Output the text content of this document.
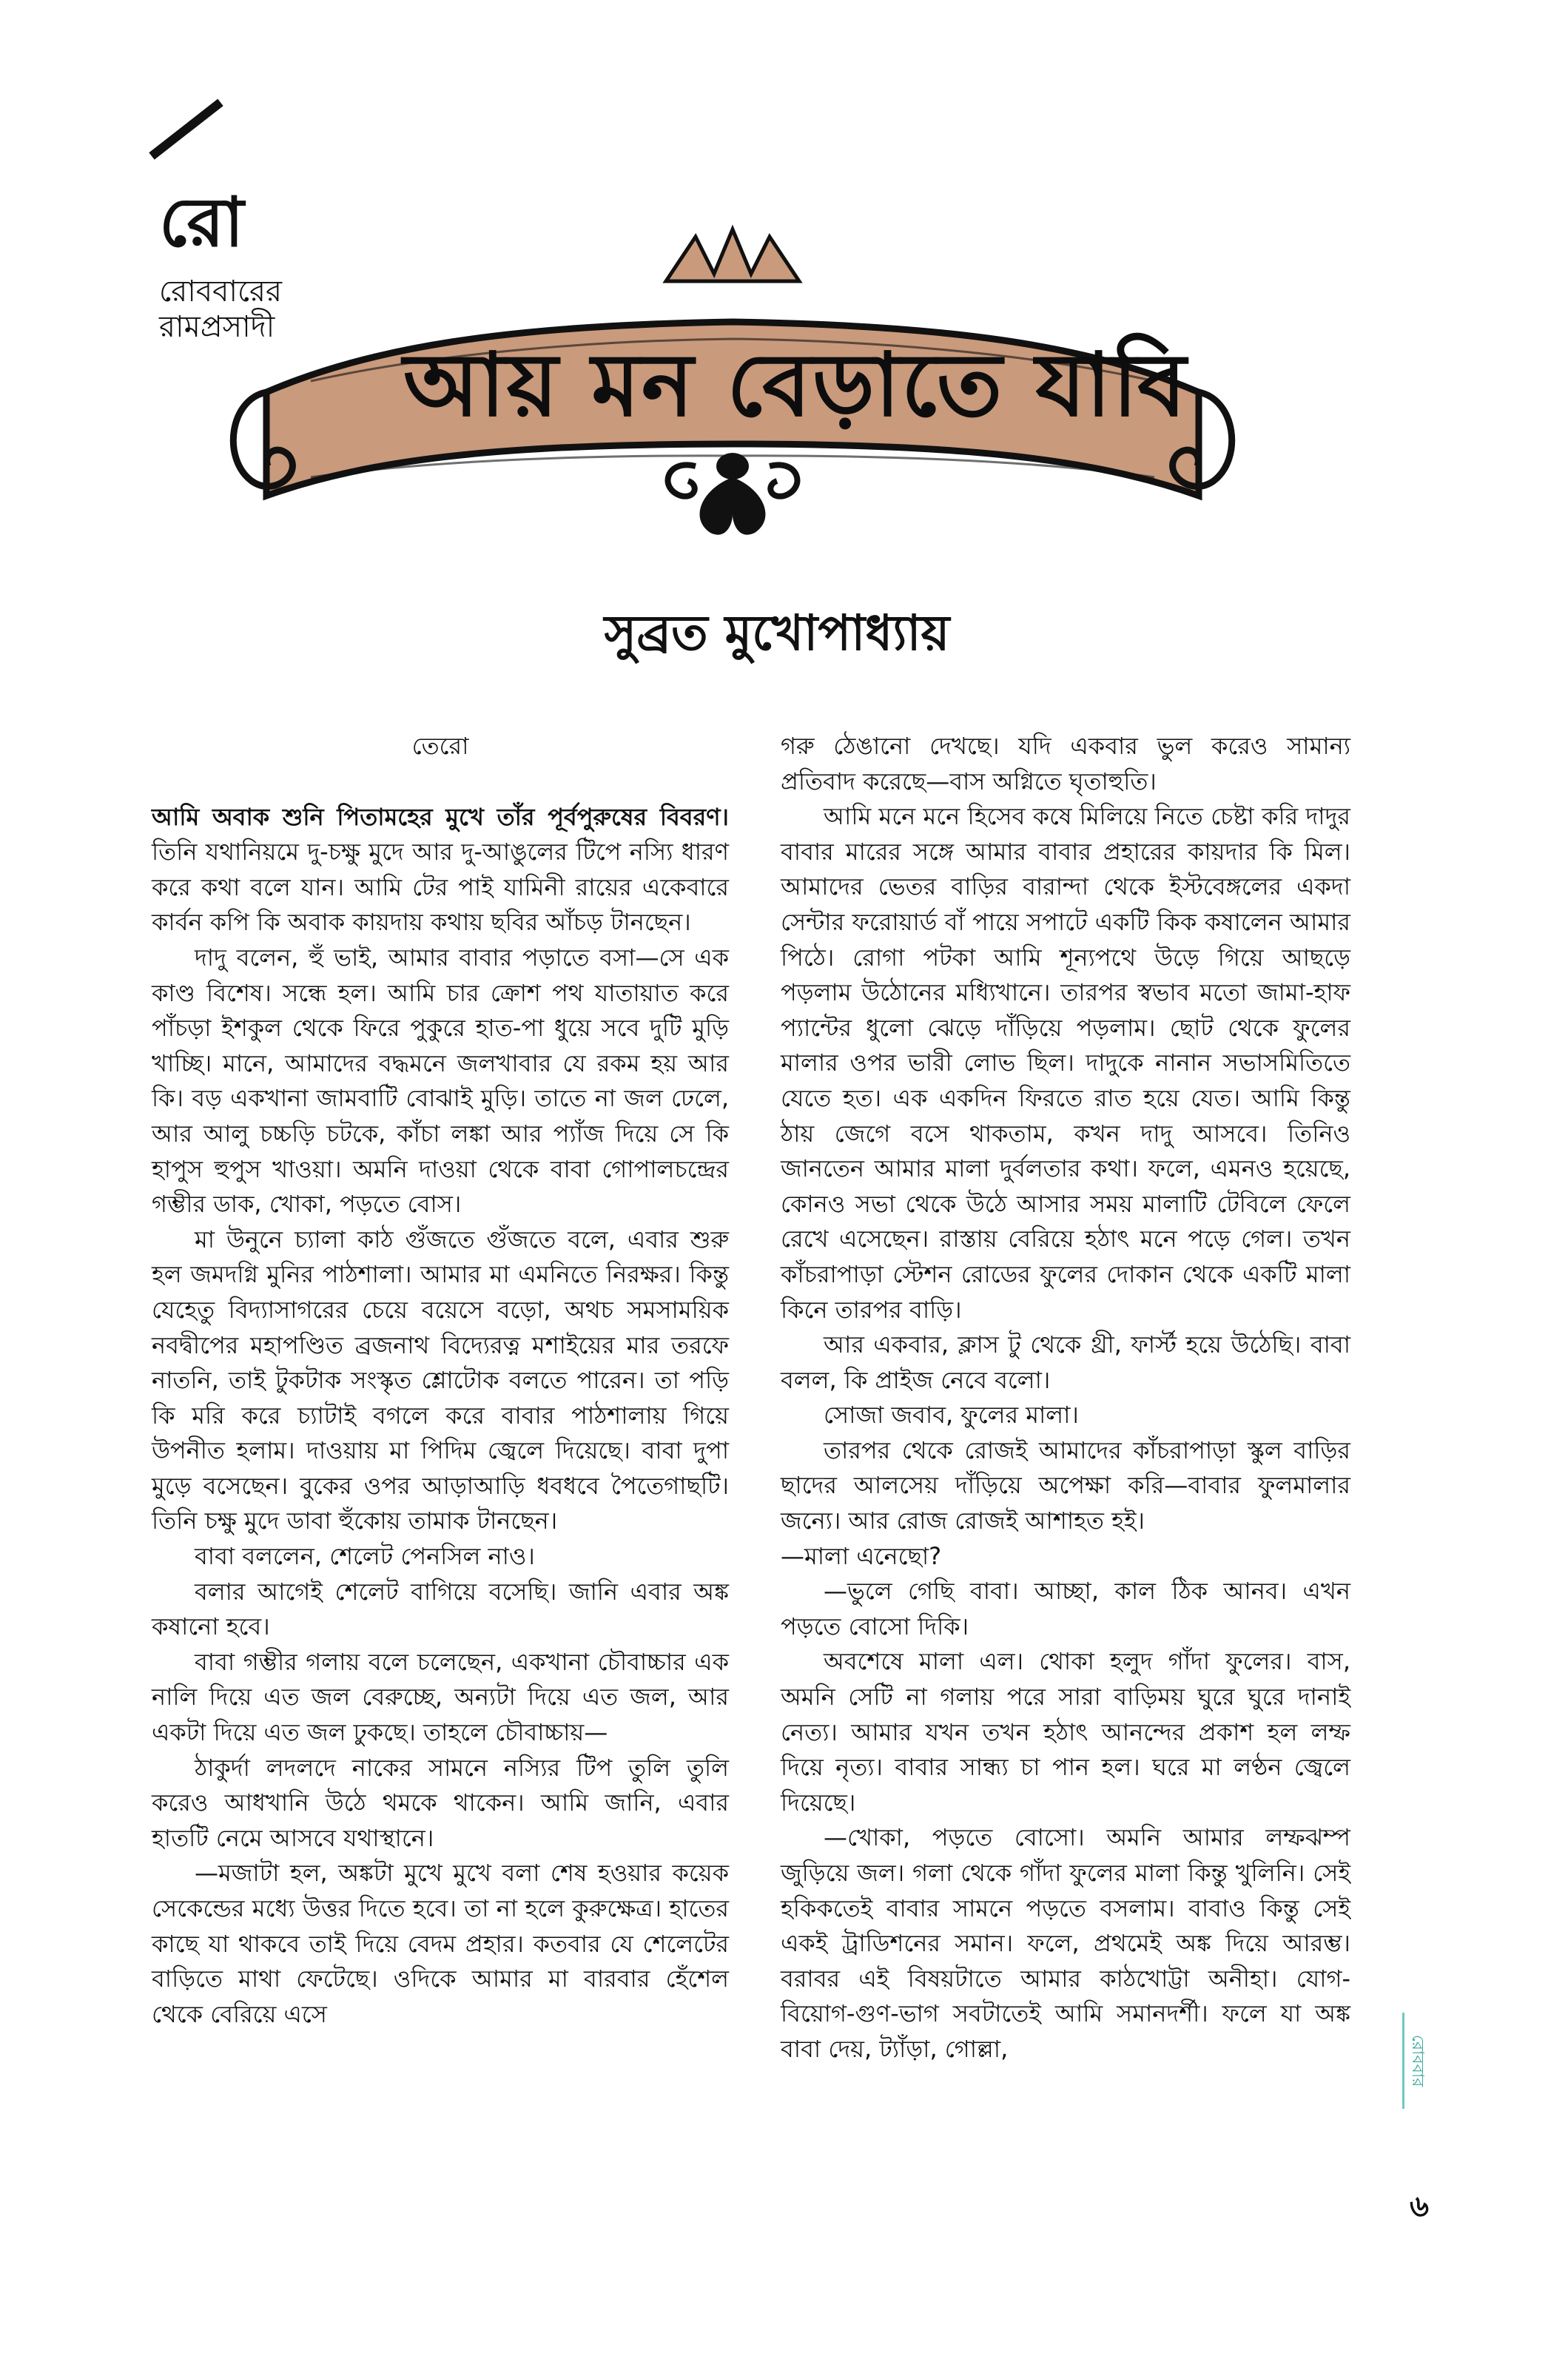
রো
রোববারের
রামপ্রসাদী
আয় মন বেড়াতে যাবি
সুব্রত মুখোপাধ্যায়

তেরো

আমি অবাক শুনি পিতামহের মুখে তাঁর পূর্বপুরুষের বিবরণ। তিনি যথানিয়মে দু-চক্ষু মুদে আর দু-আঙুলের টিপে নস্যি ধারণ করে কথা বলে যান। আমি টের পাই যামিনী রায়ের একেবারে কার্বন কপি কি অবাক কায়দায় কথায় ছবির আঁচড় টানছেন।

দাদু বলেন, হুঁ ভাই, আমার বাবার পড়াতে বসা—সে এক কাণ্ড বিশেষ। সন্ধে হল। আমি চার ক্রোশ পথ যাতায়াত করে পাঁচড়া ইশকুল থেকে ফিরে পুকুরে হাত-পা ধুয়ে সবে দুটি মুড়ি খাচ্ছি। মানে, আমাদের বদ্ধমনে জলখাবার যে রকম হয় আর কি। বড় একখানা জামবাটি বোঝাই মুড়ি। তাতে না জল ঢেলে, আর আলু চচ্চড়ি চটকে, কাঁচা লঙ্কা আর প্যাঁজ দিয়ে সে কি হাপুস হুপুস খাওয়া। অমনি দাওয়া থেকে বাবা গোপালচন্দ্রের গম্ভীর ডাক, খোকা, পড়তে বোস।

মা উনুনে চ্যালা কাঠ গুঁজতে গুঁজতে বলে, এবার শুরু হল জমদগ্নি মুনির পাঠশালা। আমার মা এমনিতে নিরক্ষর। কিন্তু যেহেতু বিদ্যাসাগরের চেয়ে বয়েসে বড়ো, অথচ সমসাময়িক নবদ্বীপের মহাপণ্ডিত ব্রজনাথ বিদ্যেরত্ন মশাইয়ের মার তরফে নাতনি, তাই টুকটাক সংস্কৃত শ্লোটোক বলতে পারেন। তা পড়ি কি মরি করে চ্যাটাই বগলে করে বাবার পাঠশালায় গিয়ে উপনীত হলাম। দাওয়ায় মা পিদিম জ্বেলে দিয়েছে। বাবা দুপা মুড়ে বসেছেন। বুকের ওপর আড়াআড়ি ধবধবে পৈতেগাছটি। তিনি চক্ষু মুদে ডাবা হুঁকোয় তামাক টানছেন।

বাবা বললেন, শেলেট পেনসিল নাও।

বলার আগেই শেলেট বাগিয়ে বসেছি। জানি এবার অঙ্ক কষানো হবে।

বাবা গম্ভীর গলায় বলে চলেছেন, একখানা চৌবাচ্চার এক নালি দিয়ে এত জল বেরুচ্ছে, অন্যটা দিয়ে এত জল, আর একটা দিয়ে এত জল ঢুকছে। তাহলে চৌবাচ্চায়—

ঠাকুর্দা লদলদে নাকের সামনে নস্যির টিপ তুলি তুলি করেও আধখানি উঠে থমকে থাকেন। আমি জানি, এবার হাতটি নেমে আসবে যথাস্থানে।

—মজাটা হল, অঙ্কটা মুখে মুখে বলা শেষ হওয়ার কয়েক সেকেন্ডের মধ্যে উত্তর দিতে হবে। তা না হলে কুরুক্ষেত্র। হাতের কাছে যা থাকবে তাই দিয়ে বেদম প্রহার। কতবার যে শেলেটের বাড়িতে মাথা ফেটেছে। ওদিকে আমার মা বারবার হেঁশেল থেকে বেরিয়ে এসে

গরু ঠেঙানো দেখছে। যদি একবার ভুল করেও সামান্য প্রতিবাদ করেছে—বাস অগ্নিতে ঘৃতাহুতি।

আমি মনে মনে হিসেব কষে মিলিয়ে নিতে চেষ্টা করি দাদুর বাবার মারের সঙ্গে আমার বাবার প্রহারের কায়দার কি মিল। আমাদের ভেতর বাড়ির বারান্দা থেকে ইস্টবেঙ্গলের একদা সেন্টার ফরোয়ার্ড বাঁ পায়ে সপাটে একটি কিক কষালেন আমার পিঠে। রোগা পটকা আমি শূন্যপথে উড়ে গিয়ে আছড়ে পড়লাম উঠোনের মধ্যিখানে। তারপর স্বভাব মতো জামা-হাফ প্যান্টের ধুলো ঝেড়ে দাঁড়িয়ে পড়লাম। ছোট থেকে ফুলের মালার ওপর ভারী লোভ ছিল। দাদুকে নানান সভাসমিতিতে যেতে হত। এক একদিন ফিরতে রাত হয়ে যেত। আমি কিন্তু ঠায় জেগে বসে থাকতাম, কখন দাদু আসবে। তিনিও জানতেন আমার মালা দুর্বলতার কথা। ফলে, এমনও হয়েছে, কোনও সভা থেকে উঠে আসার সময় মালাটি টেবিলে ফেলে রেখে এসেছেন। রাস্তায় বেরিয়ে হঠাৎ মনে পড়ে গেল। তখন কাঁচরাপাড়া স্টেশন রোডের ফুলের দোকান থেকে একটি মালা কিনে তারপর বাড়ি।

আর একবার, ক্লাস টু থেকে থ্রী, ফার্স্ট হয়ে উঠেছি। বাবা বলল, কি প্রাইজ নেবে বলো।

সোজা জবাব, ফুলের মালা।

তারপর থেকে রোজই আমাদের কাঁচরাপাড়া স্কুল বাড়ির ছাদের আলসেয় দাঁড়িয়ে অপেক্ষা করি—বাবার ফুলমালার জন্যে। আর রোজ রোজই আশাহত হই।

—মালা এনেছো?

—ভুলে গেছি বাবা। আচ্ছা, কাল ঠিক আনব। এখন পড়তে বোসো দিকি।

অবশেষে মালা এল। থোকা হলুদ গাঁদা ফুলের। বাস, অমনি সেটি না গলায় পরে সারা বাড়িময় ঘুরে ঘুরে দানাই নেত্য। আমার যখন তখন হঠাৎ আনন্দের প্রকাশ হল লম্ফ দিয়ে নৃত্য। বাবার সান্ধ্য চা পান হল। ঘরে মা লণ্ঠন জ্বেলে দিয়েছে।

—খোকা, পড়তে বোসো। অমনি আমার লম্ফঝম্প জুড়িয়ে জল। গলা থেকে গাঁদা ফুলের মালা কিন্তু খুলিনি। সেই হকিকতেই বাবার সামনে পড়তে বসলাম। বাবাও কিন্তু সেই একই ট্রাডিশনের সমান। ফলে, প্রথমেই অঙ্ক দিয়ে আরম্ভ। বরাবর এই বিষয়টাতে আমার কাঠখোট্টা অনীহা। যোগ-বিয়োগ-গুণ-ভাগ সবটাতেই আমি সমানদর্শী। ফলে যা অঙ্ক বাবা দেয়, ট্যাঁড়া, গোল্লা,	রোববার
৬
